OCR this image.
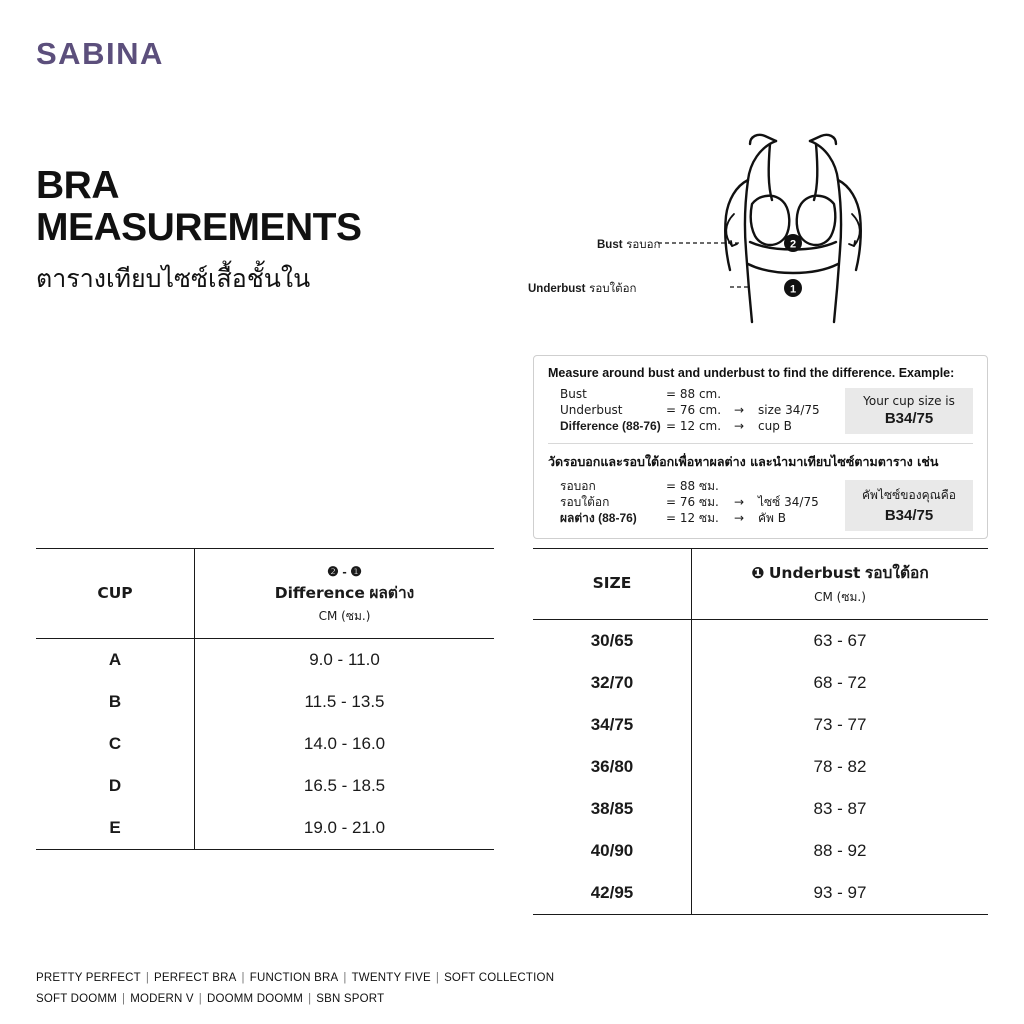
SABINA
BRA
MEASUREMENTS
ตารางเทียบไซซ์เสื้อชั้นใน
2
1
Bust รอบอก
Underbust รอบใต้อก
Measure around bust and underbust to find the difference. Example:
Bust	= 88 cm.
Underbust	= 76 cm.	→	size 34/75
Difference (88-76) = 12 cm.	→	cup B
Your cup size is
B34/75
วัดรอบอกและรอบใต้อกเพื่อหาผลต่าง และนำมาเทียบไซซ์ตามตาราง เช่น
รอบอก	= 88 ซม.
รอบใต้อก	= 76 ซม.	→	ไซซ์ 34/75
ผลต่าง (88-76)	= 12 ซม.	→	คัพ B
คัพไซซ์ของคุณคือ
B34/75
CUP	❷ - ❶
Difference ผลต่าง
CM (ซม.)

A	9.0 - 11.0
B	11.5 - 13.5
C	14.0 - 16.0
D	16.5 - 18.5
E	19.0 - 21.0

SIZE	❶ Underbust รอบใต้อก
CM (ซม.)

30/65	63 - 67
32/70	68 - 72
34/75	73 - 77
36/80	78 - 82
38/85	83 - 87
40/90	88 - 92
42/95	93 - 97

PRETTY PERFECT | PERFECT BRA | FUNCTION BRA | TWENTY FIVE | SOFT COLLECTION
SOFT DOOMM | MODERN V | DOOMM DOOMM | SBN SPORT
